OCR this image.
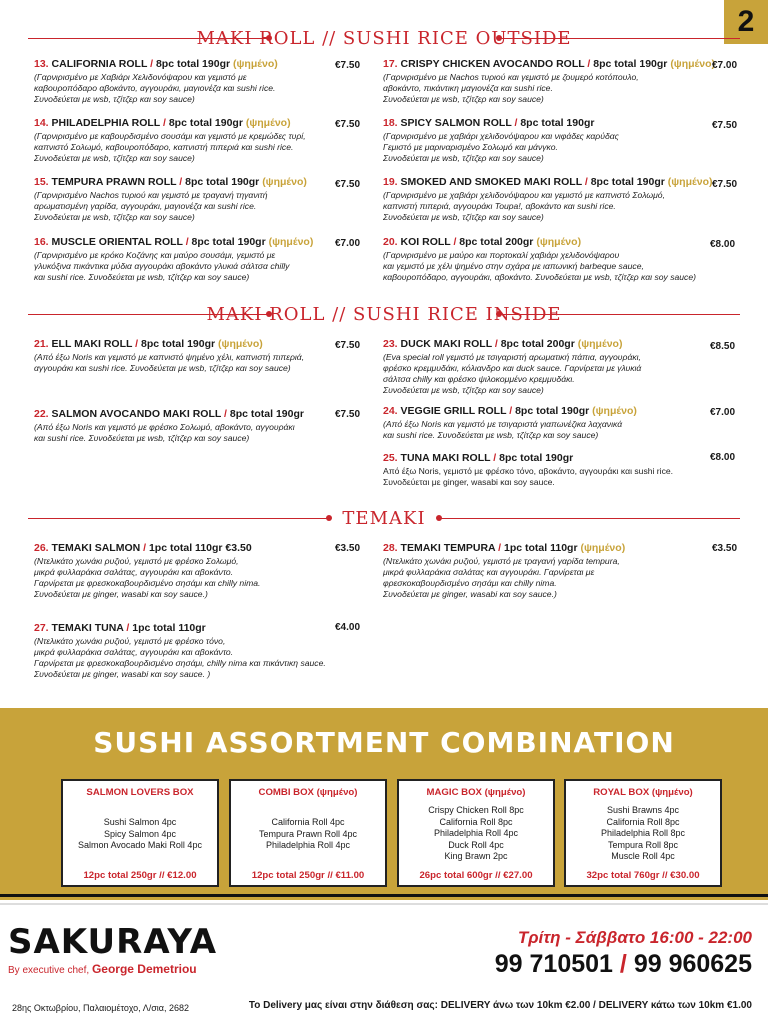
2
MAKI ROLL // SUSHI RICE OUTSIDE
MAKI ROLL // SUSHI RICE INSIDE
TEMAKI
13. CALIFORNIA ROLL / 8pc total 190gr (ψημένο)
(Γαρνιρισμένο με Χαβιάρι Χελιδονόψαρου και γεμιστό με
καβουροπόδαρο αβοκάντο, αγγουράκι, μαγιονέζα και sushi rice.
Συνοδεύεται με wsb, τζίτζερ και soy sauce)
€7.50
14. PHILADELPHIA ROLL / 8pc total 190gr (ψημένο)
(Γαρνιρισμένο με καβουρδισμένο σουσάμι και γεμιστό με κρεμώδες τυρί,
καπνιστό Σολωμό, καβουροπόδαρο, καπνιστή πιπεριά και sushi rice.
Συνοδεύεται με wsb, τζίτζερ και soy sauce)
€7.50
15. TEMPURA PRAWN ROLL / 8pc total 190gr (ψημένο)
(Γαρνιρισμένο Nachos τυριού και γεμιστό με τραγανή τηγανιτή
αρωματισμένη γαρίδα, αγγουράκι, μαγιονέζα και sushi rice.
Συνοδεύεται με wsb, τζίτζερ και soy sauce)
€7.50
16. MUSCLE ORIENTAL ROLL / 8pc total 190gr (ψημένο)
(Γαρνιρισμένο με κρόκο Κοζάνης και μαύρο σουσάμι, γεμιστό με
γλυκόξινα πικάντικα μύδια αγγουράκι αβοκάντο γλυκιά σάλτσα chilly
και sushi rice. Συνοδεύεται με wsb, τζίτζερ και soy sauce)
€7.00
17. CRISPY CHICKEN AVOCANDO ROLL / 8pc total 190gr (ψημένο)
(Γαρνιρισμένο με Nachos τυριού και γεμιστό με ζουμερό κοτόπουλο,
αβοκάντο, πικάντικη μαγιονέζα και sushi rice.
Συνοδεύεται με wsb, τζίτζερ και soy sauce)
€7.00
18. SPICY SALMON ROLL / 8pc total 190gr
(Γαρνιρισμένο με χαβιάρι χελιδονόψαρου και νιφάδες καρύδας
Γεμιστό με μαριναρισμένο Σολωμό και μάνγκο.
Συνοδεύεται με wsb, τζίτζερ και soy sauce)
€7.50
19. SMOKED AND SMOKED MAKI ROLL / 8pc total 190gr (ψημένο)
(Γαρνιρισμένο με χαβιάρι χελιδονόψαρου και γεμιστό με καπνιστό Σολωμό,
καπνιστή πιπεριά, αγγουράκι Toupa!, αβοκάντο και sushi rice.
Συνοδεύεται με wsb, τζίτζερ και soy sauce)
€7.50
20. KOI ROLL / 8pc total 200gr (ψημένο)
(Γαρνιρισμένο με μαύρο και πορτοκαλί χαβιάρι χελιδονόψαρου
και γεμιστό με χέλι ψημένο στην σχάρα με ιαπωνική barbeque sauce,
καβουροπόδαρο, αγγουράκι, αβοκάντο. Συνοδεύεται με wsb, τζίτζερ και soy sauce)
€8.00
21. ELL MAKI ROLL / 8pc total 190gr (ψημένο)
(Από έξω Noris και γεμιστό με καπνιστό ψημένο χέλι, καπνιστή πιπεριά,
αγγουράκι και sushi rice. Συνοδεύεται με wsb, τζίτζερ και soy sauce)
€7.50
22. SALMON AVOCANDO MAKI ROLL / 8pc total 190gr
(Από έξω Noris και γεμιστό με φρέσκο Σολωμό, αβοκάντο, αγγουράκι
και sushi rice. Συνοδεύεται με wsb, τζίτζερ και soy sauce)
€7.50
23. DUCK MAKI ROLL / 8pc total 200gr (ψημένο)
(Eva special roll γεμιστό με τσιγαριστή αρωματική πάπια, αγγουράκι,
φρέσκο κρεμμυδάκι, κόλιανδρο και duck sauce. Γαρνίρεται με γλυκιά
σάλτσα chilly και φρέσκο ψιλοκομμένο κρεμμυδάκι.
Συνοδεύεται με wsb, τζίτζερ και soy sauce)
€8.50
24. VEGGIE GRILL ROLL / 8pc total 190gr (ψημένο)
(Από έξω Noris και γεμιστό με τσιγαριστά γιαπωνέζικα λαχανικά
και sushi rice. Συνοδεύεται με wsb, τζίτζερ και soy sauce)
€7.00
25. TUNA MAKI ROLL / 8pc total 190gr
Από έξω Noris, γεμιστό με φρέσκο τόνο, αβοκάντο, αγγουράκι και sushi rice.
Συνοδεύεται με ginger, wasabi και soy sauce.
€8.00
26. TEMAKI SALMON / 1pc total 110gr €3.50
(Ντελικάτο χωνάκι ρυζιού, γεμιστό με φρέσκο Σολωμό,
μικρά φυλλαράκια σαλάτας, αγγουράκι και αβοκάντο.
Γαρνίρεται με φρεσκοκαβουρδισμένο σησάμι και chilly nima.
Συνοδεύεται με ginger, wasabi και soy sauce.)
€3.50
27. TEMAKI TUNA / 1pc total 110gr
(Ντελικάτο χωνάκι ρυζιού, γεμιστό με φρέσκο τόνο,
μικρά φυλλαράκια σαλάτας, αγγουράκι και αβοκάντο.
Γαρνίρεται με φρεσκοκαβουρδισμένο σησάμι, chilly nima και πικάντικη sauce.
Συνοδεύεται με ginger, wasabi και soy sauce. )
€4.00
28. TEMAKI TEMPURA / 1pc total 110gr (ψημένο)
(Ντελικάτο χωνάκι ρυζιού, γεμιστό με τραγανή γαρίδα tempura,
μικρά φυλλαράκια σαλάτας και αγγουράκι. Γαρνίρεται με
φρεσκοκαβουρδισμένο σησάμι και chilly nima.
Συνοδεύεται με ginger, wasabi και soy sauce.)
€3.50
SUSHI ASSORTMENT COMBINATION
SALMON LOVERS BOX
Sushi Salmon 4pc
Spicy Salmon 4pc
Salmon Avocado Maki Roll 4pc
12pc total 250gr // €12.00
COMBI BOX (ψημένο)
California Roll 4pc
Tempura Prawn Roll 4pc
Philadelphia Roll 4pc
12pc total 250gr // €11.00
MAGIC BOX (ψημένο)
Crispy Chicken Roll 8pc
California Roll 8pc
Philadelphia Roll 4pc
Duck Roll 4pc
King Brawn 2pc
26pc total 600gr // €27.00
ROYAL BOX (ψημένο)
Sushi Brawns 4pc
California Roll 8pc
Philadelphia Roll 8pc
Tempura Roll 8pc
Muscle Roll 4pc
32pc total 760gr // €30.00
SAKURAYA
By executive chef, George Demetriou
Τρίτη - Σάββατο 16:00 - 22:00
99 710501 / 99 960625
28ης Οκτωβρίου, Παλαιομέτοχο, Λ/σια, 2682	Το Delivery μας είναι στην διάθεση σας: DELIVERY άνω των 10km €2.00 / DELIVERY κάτω των 10km €1.00
